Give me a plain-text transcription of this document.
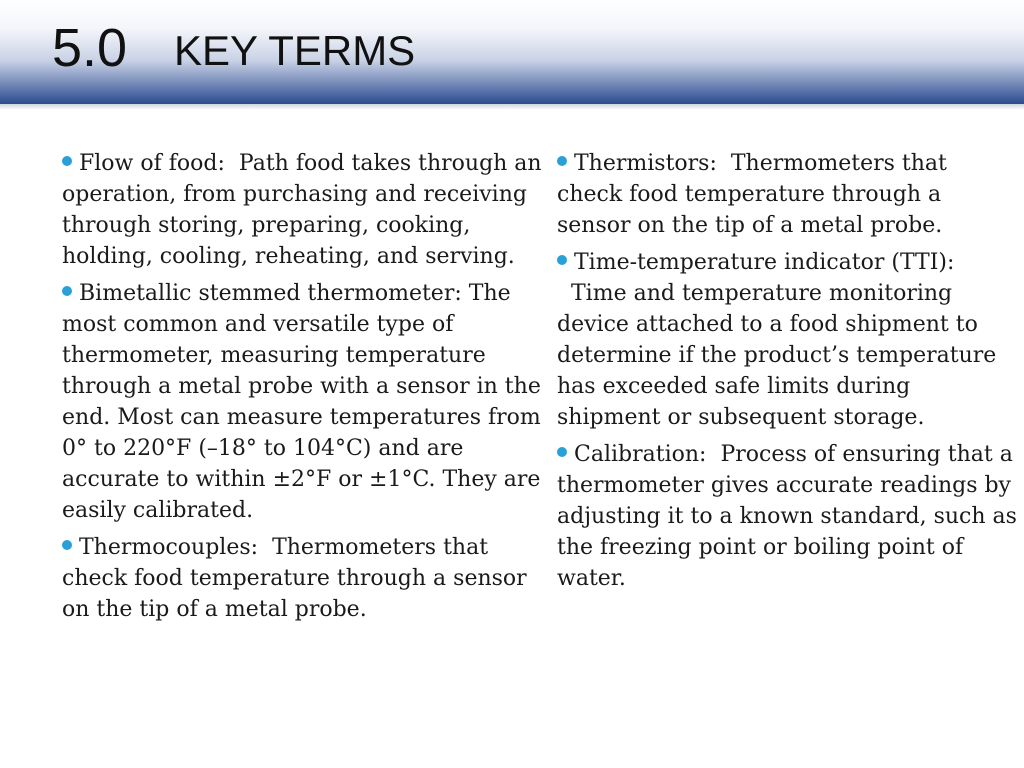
5.0 KEY TERMS

Flow of food: Path food takes through an operation, from purchasing and receiving through storing, preparing, cooking, holding, cooling, reheating, and serving.

Bimetallic stemmed thermometer: The most common and versatile type of thermometer, measuring temperature through a metal probe with a sensor in the end. Most can measure temperatures from 0° to 220°F (–18° to 104°C) and are accurate to within ±2°F or ±1°C. They are easily calibrated.

Thermocouples: Thermometers that check food temperature through a sensor on the tip of a metal probe.

Thermistors: Thermometers that check food temperature through a sensor on the tip of a metal probe.

Time-temperature indicator (TTI):  Time and temperature monitoring device attached to a food shipment to determine if the product’s temperature has exceeded safe limits during shipment or subsequent storage.

Calibration: Process of ensuring that a thermometer gives accurate readings by adjusting it to a known standard, such as the freezing point or boiling point of water.
